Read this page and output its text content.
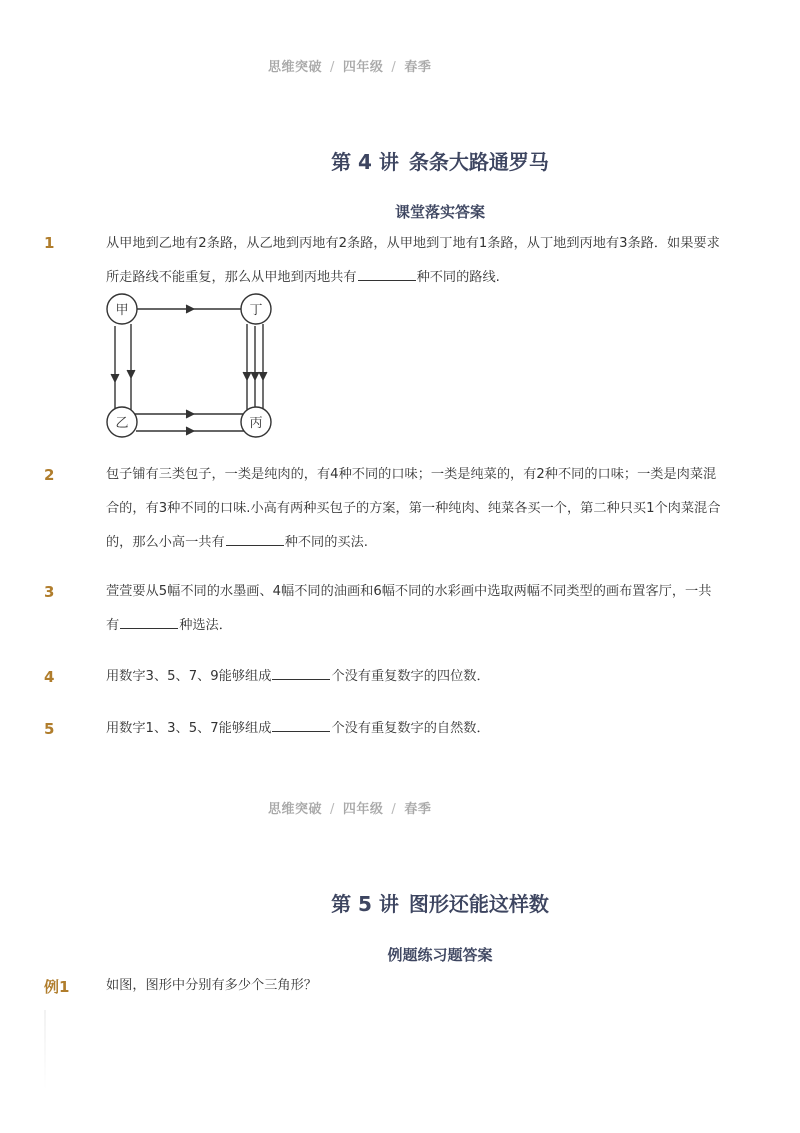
思维突破 / 四年级 / 春季
第 4 讲 条条大路通罗马
课堂落实答案
1	从甲地到乙地有2条路，从乙地到丙地有2条路，从甲地到丁地有1条路，从丁地到丙地有3条路．如果要求所走路线不能重复，那么从甲地到丙地共有	种不同的路线.
甲	丁
乙	丙
2	包子铺有三类包子，一类是纯肉的，有4种不同的口味；一类是纯菜的，有2种不同的口味；一类是肉菜混合的，有3种不同的口味.小高有两种买包子的方案，第一种纯肉、纯菜各买一个，第二种只买1个肉菜混合的，那么小高一共有	种不同的买法.
3	萱萱要从5幅不同的水墨画、4幅不同的油画和6幅不同的水彩画中选取两幅不同类型的画布置客厅，一共有	种选法．
4	用数字3、5、7、9能够组成	个没有重复数字的四位数．
5	用数字1、3、5、7能够组成	个没有重复数字的自然数．
思维突破 / 四年级 / 春季
第 5 讲 图形还能这样数
例题练习题答案
例1	如图，图形中分别有多少个三角形？
